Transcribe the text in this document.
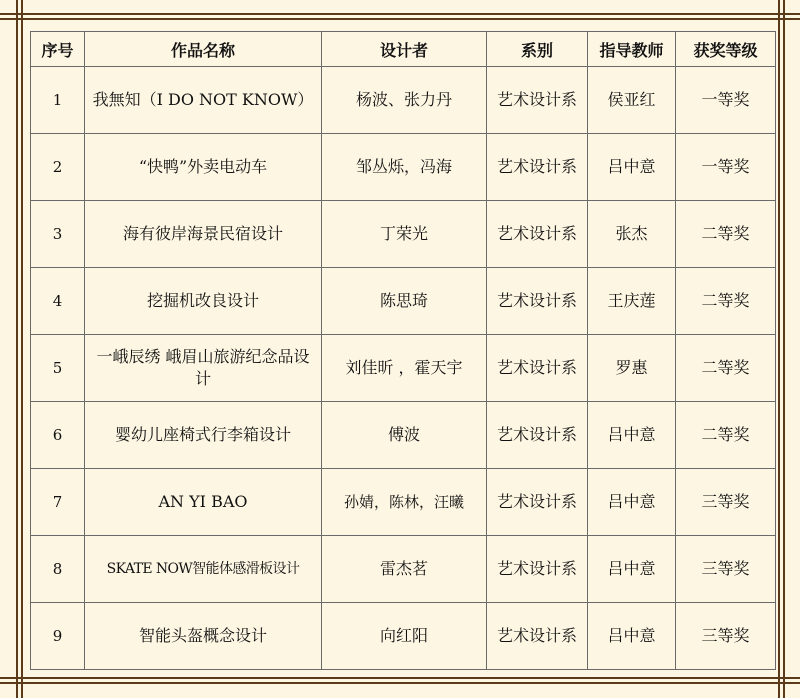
序号	作品名称	设计者	系别	指导教师	获奖等级
1	我無知（I DO NOT KNOW）	杨波、张力丹	艺术设计系	侯亚红	一等奖
2	“快鸭”外卖电动车	邹丛烁，冯海	艺术设计系	吕中意	一等奖
3	海有彼岸海景民宿设计	丁荣光	艺术设计系	张杰	二等奖
4	挖掘机改良设计	陈思琦	艺术设计系	王庆莲	二等奖
5	一峨辰绣 峨眉山旅游纪念品设计	刘佳昕 ，霍天宇	艺术设计系	罗惠	二等奖
6	婴幼儿座椅式行李箱设计	傅波	艺术设计系	吕中意	二等奖
7	AN YI BAO	孙婧，陈林，汪曦	艺术设计系	吕中意	三等奖
8	SKATE NOW智能体感滑板设计	雷杰茗	艺术设计系	吕中意	三等奖
9	智能头盔概念设计	向红阳	艺术设计系	吕中意	三等奖
